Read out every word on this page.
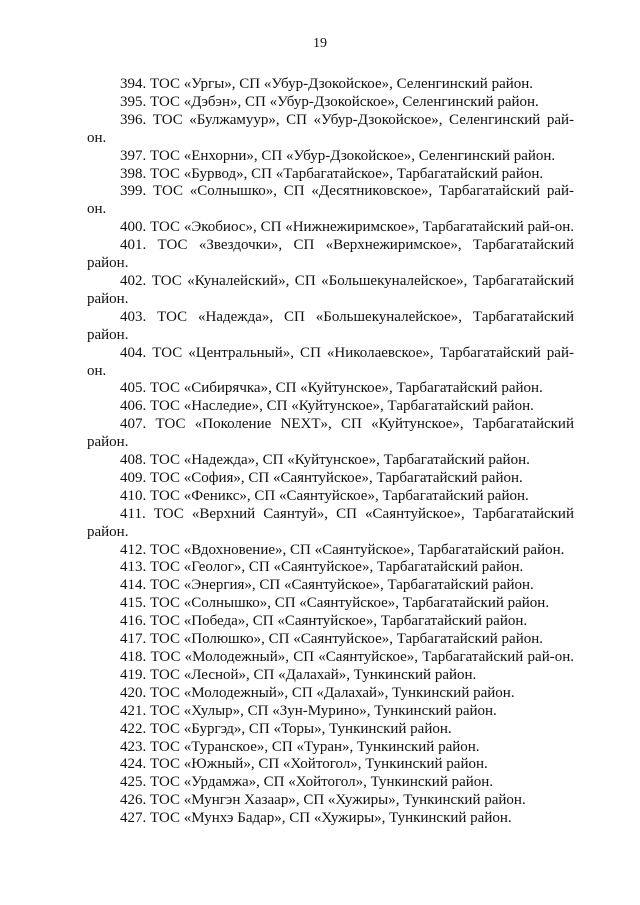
19

394. ТОС «Ургы», СП «Убур-Дзокойское», Селенгинский район.

395. ТОС «Дэбэн», СП «Убур-Дзокойское», Селенгинский район.

396. ТОС «Булжамуур», СП «Убур-Дзокойское», Селенгинский рай-он.

397. ТОС «Енхорни», СП «Убур-Дзокойское», Селенгинский район.

398. ТОС «Бурвод», СП «Тарбагатайское», Тарбагатайский район.

399. ТОС «Солнышко», СП «Десятниковское», Тарбагатайский рай-он.

400. ТОС «Экобиос», СП «Нижнежиримское», Тарбагатайский рай-он.

401. ТОС «Звездочки», СП «Верхнежиримское», Тарбагатайский район.

402. ТОС «Куналейский», СП «Большекуналейское», Тарбагатайский район.

403. ТОС «Надежда», СП «Большекуналейское», Тарбагатайский район.

404. ТОС «Центральный», СП «Николаевское», Тарбагатайский рай-он.

405. ТОС «Сибирячка», СП «Куйтунское», Тарбагатайский район.

406. ТОС «Наследие», СП «Куйтунское», Тарбагатайский район.

407. ТОС «Поколение NEXT», СП «Куйтунское», Тарбагатайский район.

408. ТОС «Надежда», СП «Куйтунское», Тарбагатайский район.

409. ТОС «София», СП «Саянтуйское», Тарбагатайский район.

410. ТОС «Феникс», СП «Саянтуйское», Тарбагатайский район.

411. ТОС «Верхний Саянтуй», СП «Саянтуйское», Тарбагатайский район.

412. ТОС «Вдохновение», СП «Саянтуйское», Тарбагатайский район.

413. ТОС «Геолог», СП «Саянтуйское», Тарбагатайский район.

414. ТОС «Энергия», СП «Саянтуйское», Тарбагатайский район.

415. ТОС «Солнышко», СП «Саянтуйское», Тарбагатайский район.

416. ТОС «Победа», СП «Саянтуйское», Тарбагатайский район.

417. ТОС «Полюшко», СП «Саянтуйское», Тарбагатайский район.

418. ТОС «Молодежный», СП «Саянтуйское», Тарбагатайский рай-он.

419. ТОС «Лесной», СП «Далахай», Тункинский район.

420. ТОС «Молодежный», СП «Далахай», Тункинский район.

421. ТОС «Хулыр», СП «Зун-Мурино», Тункинский район.

422. ТОС «Бургэд», СП «Торы», Тункинский район.

423. ТОС «Туранское», СП «Туран», Тункинский район.

424. ТОС «Южный», СП «Хойтогол», Тункинский район.

425. ТОС «Урдамжа», СП «Хойтогол», Тункинский район.

426. ТОС «Мунгэн Хазаар», СП «Хужиры», Тункинский район.

427. ТОС «Мунхэ Бадар», СП «Хужиры», Тункинский район.
